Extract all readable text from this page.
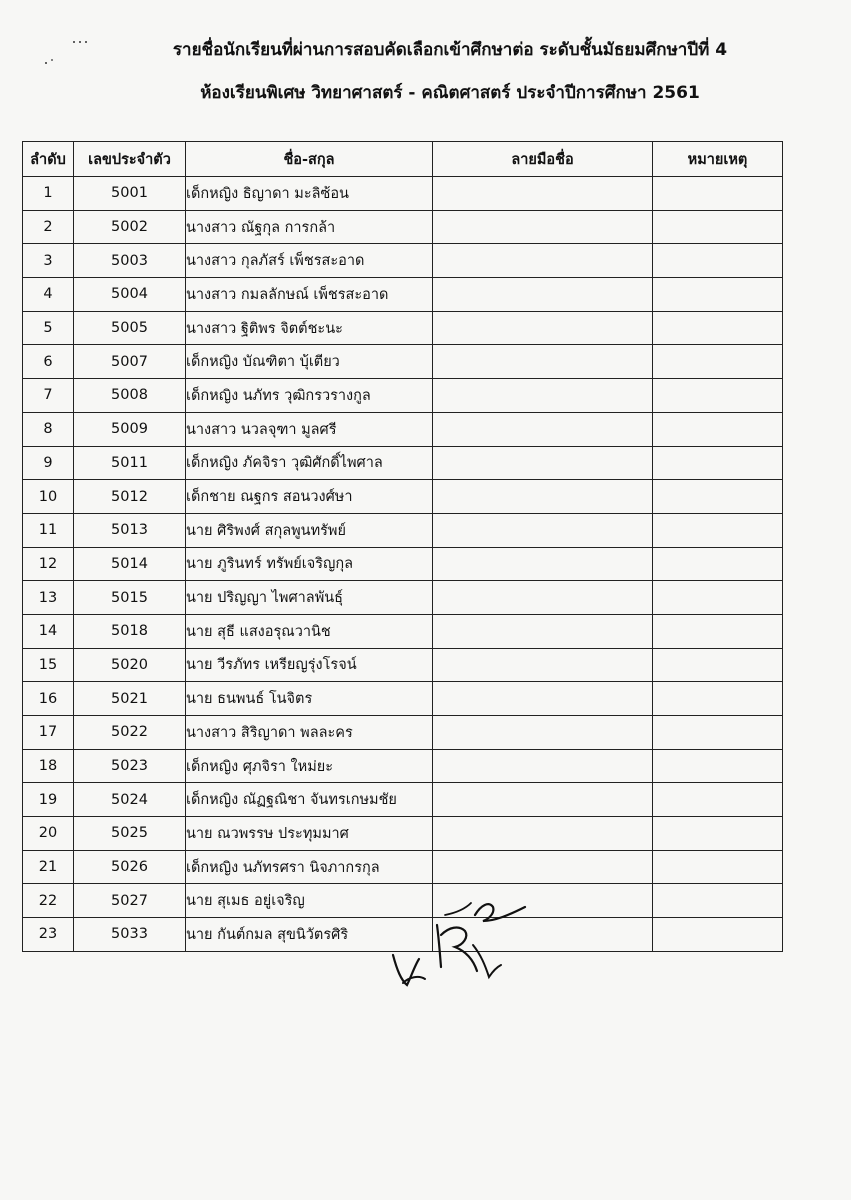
รายชื่อนักเรียนที่ผ่านการสอบคัดเลือกเข้าศึกษาต่อ ระดับชั้นมัธยมศึกษาปีที่ 4
ห้องเรียนพิเศษ วิทยาศาสตร์ - คณิตศาสตร์ ประจำปีการศึกษา 2561
ลำดับ	เลขประจำตัว	ชื่อ-สกุล	ลายมือชื่อ	หมายเหตุ
1	5001	เด็กหญิง ธิญาดา มะลิซ้อน		
2	5002	นางสาว ณัฐกุล การกล้า		
3	5003	นางสาว กุลภัสร์ เพ็ชรสะอาด		
4	5004	นางสาว กมลลักษณ์ เพ็ชรสะอาด		
5	5005	นางสาว ฐิติพร จิตต์ชะนะ		
6	5007	เด็กหญิง บัณฑิตา บุ้เตียว		
7	5008	เด็กหญิง นภัทร วุฒิกรวรางกูล		
8	5009	นางสาว นวลจุฑา มูลศรี		
9	5011	เด็กหญิง ภัคจิรา วุฒิศักดิ์ไพศาล		
10	5012	เด็กชาย ณฐกร สอนวงศ์ษา		
11	5013	นาย ศิริพงศ์ สกุลพูนทรัพย์		
12	5014	นาย ภูรินทร์ ทรัพย์เจริญกุล		
13	5015	นาย ปริญญา ไพศาลพันธุ์		
14	5018	นาย สุธี แสงอรุณวานิช		
15	5020	นาย วีรภัทร เหรียญรุ่งโรจน์		
16	5021	นาย ธนพนธ์ โนจิตร		
17	5022	นางสาว สิริญาดา พลละคร		
18	5023	เด็กหญิง ศุภจิรา ใหม่ยะ		
19	5024	เด็กหญิง ณัฏฐณิชา จันทรเกษมชัย		
20	5025	นาย ณวพรรษ ประทุมมาศ		
21	5026	เด็กหญิง นภัทรศรา นิจภากรกุล		
22	5027	นาย สุเมธ อยู่เจริญ		
23	5033	นาย กันต์กมล สุขนิวัตรศิริ		
